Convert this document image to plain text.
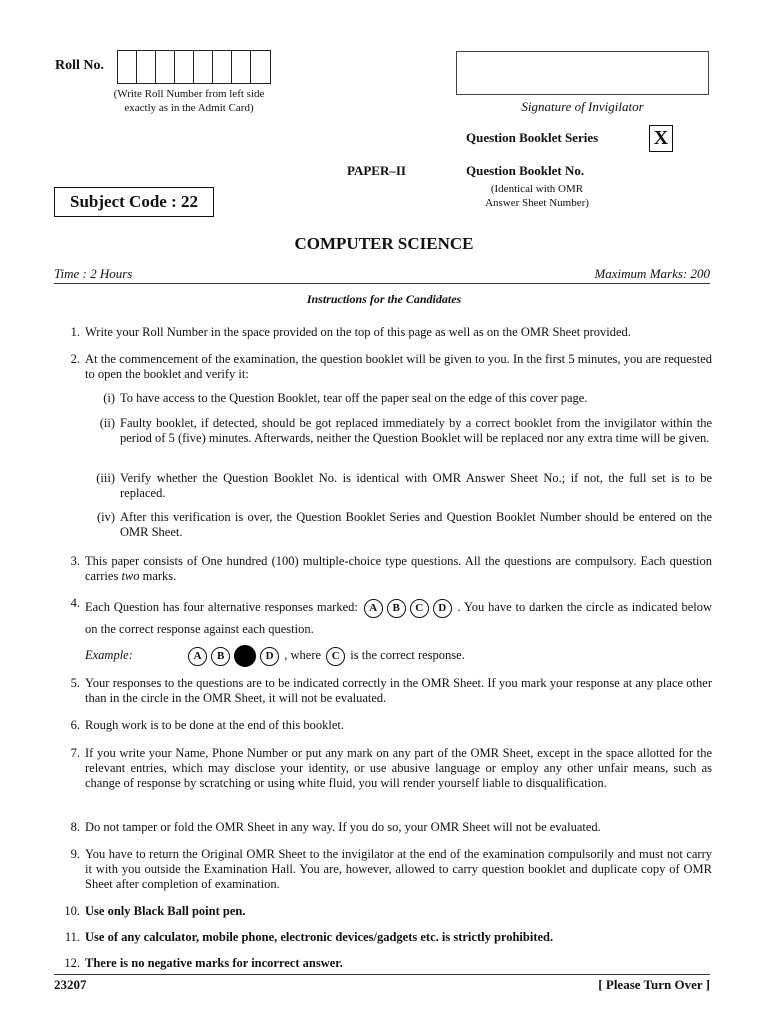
Roll No.
(Write Roll Number from left side
exactly as in the Admit Card)	Signature of Invigilator
Question Booklet Series	X
PAPER–II	Question Booklet No.
(Identical with OMR
Answer Sheet Number)
Subject Code : 22
COMPUTER SCIENCE
Time : 2 Hours	Maximum Marks: 200
Instructions for the Candidates
1. Write your Roll Number in the space provided on the top of this page as well as on the OMR Sheet provided.
2. At the commencement of the examination, the question booklet will be given to you. In the first 5 minutes, you are requested to open the booklet and verify it:
(i) To have access to the Question Booklet, tear off the paper seal on the edge of this cover page.
(ii) Faulty booklet, if detected, should be got replaced immediately by a correct booklet from the invigilator within the period of 5 (five) minutes. Afterwards, neither the Question Booklet will be replaced nor any extra time will be given.
(iii) Verify whether the Question Booklet No. is identical with OMR Answer Sheet No.; if not, the full set is to be replaced.
(iv) After this verification is over, the Question Booklet Series and Question Booklet Number should be entered on the OMR Sheet.
3. This paper consists of One hundred (100) multiple-choice type questions. All the questions are compulsory. Each question carries two marks.
4. Each Question has four alternative responses marked: A B C D . You have to darken the circle as indicated below on the correct response against each question.
Example:	A B	D , where C is the correct response.
5. Your responses to the questions are to be indicated correctly in the OMR Sheet. If you mark your response at any place other than in the circle in the OMR Sheet, it will not be evaluated.
6. Rough work is to be done at the end of this booklet.
7. If you write your Name, Phone Number or put any mark on any part of the OMR Sheet, except in the space allotted for the relevant entries, which may disclose your identity, or use abusive language or employ any other unfair means, such as change of response by scratching or using white fluid, you will render yourself liable to disqualification.
8. Do not tamper or fold the OMR Sheet in any way. If you do so, your OMR Sheet will not be evaluated.
9. You have to return the Original OMR Sheet to the invigilator at the end of the examination compulsorily and must not carry it with you outside the Examination Hall. You are, however, allowed to carry question booklet and duplicate copy of OMR Sheet after completion of examination.
10. Use only Black Ball point pen.
11. Use of any calculator, mobile phone, electronic devices/gadgets etc. is strictly prohibited.
12. There is no negative marks for incorrect answer.
23207	[ Please Turn Over ]
